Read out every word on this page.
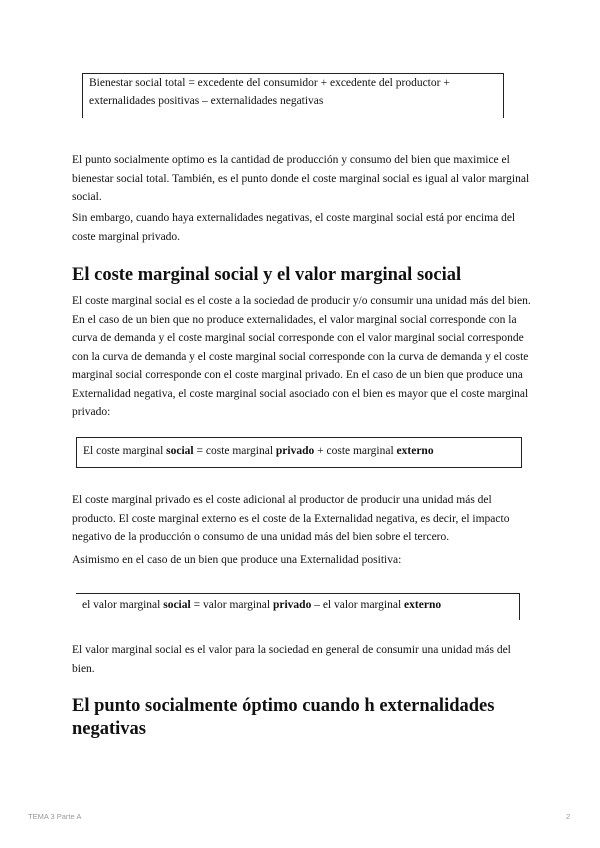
Bienestar social total = excedente del consumidor + excedente del productor +
externalidades positivas – externalidades negativas

El punto socialmente optimo es la cantidad de producción y consumo del bien que maximice el bienestar social total. También, es el punto donde el coste marginal social es igual al valor marginal social.

Sin embargo, cuando haya externalidades negativas, el coste marginal social está por encima del coste marginal privado.

El coste marginal social y el valor marginal social

El coste marginal social es el coste a la sociedad de producir y/o consumir una unidad más del bien. En el caso de un bien que no produce externalidades, el valor marginal social corresponde con la curva de demanda y el coste marginal social corresponde con el valor marginal social corresponde con la curva de demanda y el coste marginal social corresponde con la curva de demanda y el coste marginal social corresponde con el coste marginal privado. En el caso de un bien que produce una Externalidad negativa, el coste marginal social asociado con el bien es mayor que el coste marginal privado:

El coste marginal social = coste marginal privado + coste marginal externo

El coste marginal privado es el coste adicional al productor de producir una unidad más del producto. El coste marginal externo es el coste de la Externalidad negativa, es decir, el impacto negativo de la producción o consumo de una unidad más del bien sobre el tercero.

Asimismo en el caso de un bien que produce una Externalidad positiva:

el valor marginal social = valor marginal privado – el valor marginal externo

El valor marginal social es el valor para la sociedad en general de consumir una unidad más del bien.

El punto socialmente óptimo cuando h externalidades negativas
TEMA 3 Parte A	2
